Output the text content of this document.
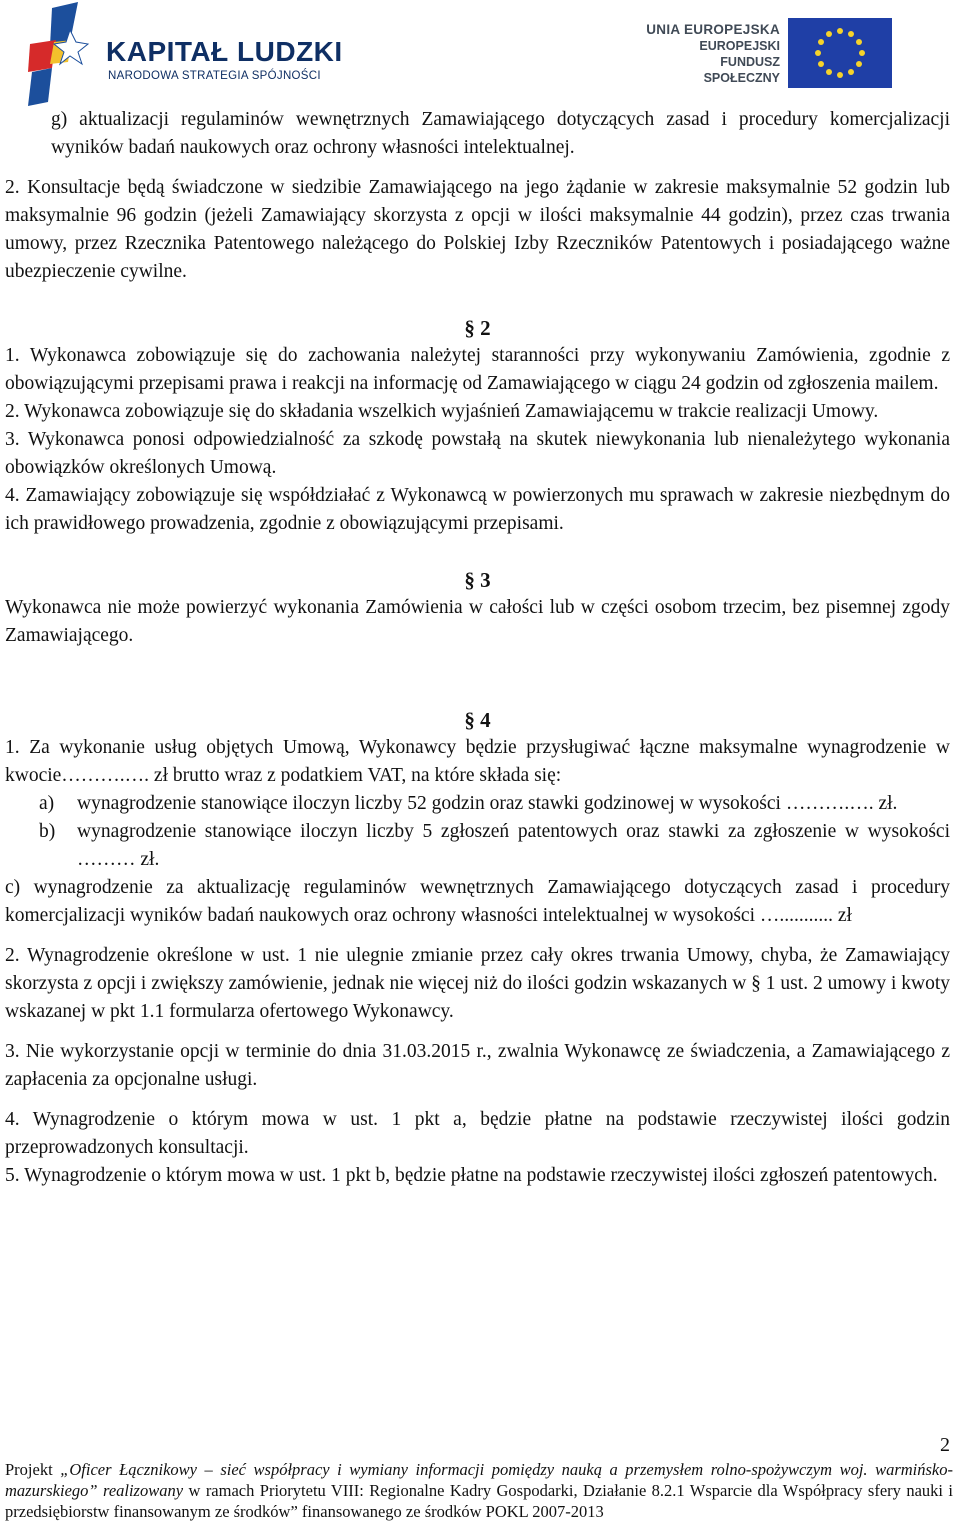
KAPITAŁ LUDZKI
NARODOWA STRATEGIA SPÓJNOŚCI
UNIA EUROPEJSKA
EUROPEJSKI
FUNDUSZ SPOŁECZNY

g) aktualizacji regulaminów wewnętrznych Zamawiającego dotyczących zasad i procedury komercjalizacji wyników badań naukowych oraz ochrony własności intelektualnej.

2. Konsultacje będą świadczone w siedzibie Zamawiającego na jego żądanie w zakresie maksymalnie 52 godzin lub maksymalnie 96 godzin (jeżeli Zamawiający skorzysta z opcji w ilości maksymalnie 44 godzin), przez czas trwania umowy, przez Rzecznika Patentowego należącego do Polskiej Izby Rzeczników Patentowych i posiadającego ważne ubezpieczenie cywilne.

§ 2

1. Wykonawca zobowiązuje się do zachowania należytej staranności przy wykonywaniu Zamówienia, zgodnie z obowiązującymi przepisami prawa i reakcji na informację od Zamawiającego w ciągu 24 godzin od zgłoszenia mailem.

2. Wykonawca zobowiązuje się do składania wszelkich wyjaśnień Zamawiającemu w trakcie realizacji Umowy.

3. Wykonawca ponosi odpowiedzialność za szkodę powstałą na skutek niewykonania lub nienależytego wykonania obowiązków określonych Umową.

4. Zamawiający zobowiązuje się współdziałać z Wykonawcą w powierzonych mu sprawach w zakresie niezbędnym do ich prawidłowego prowadzenia, zgodnie z obowiązującymi przepisami.

§ 3

Wykonawca nie może powierzyć wykonania Zamówienia w całości lub w części osobom trzecim, bez pisemnej zgody Zamawiającego.

§ 4

1. Za wykonanie usług objętych Umową, Wykonawcy będzie przysługiwać łączne maksymalne wynagrodzenie w kwocie……….…. zł brutto wraz z podatkiem VAT, na które składa się:

a) wynagrodzenie stanowiące iloczyn liczby 52 godzin oraz stawki godzinowej w wysokości ……….…. zł.
b) wynagrodzenie stanowiące iloczyn liczby 5 zgłoszeń patentowych oraz stawki za zgłoszenie w wysokości ……… zł.

c) wynagrodzenie za aktualizację regulaminów wewnętrznych Zamawiającego dotyczących zasad i procedury komercjalizacji wyników badań naukowych oraz ochrony własności intelektualnej w wysokości …........... zł

2. Wynagrodzenie określone w ust. 1 nie ulegnie zmianie przez cały okres trwania Umowy, chyba, że Zamawiający skorzysta z opcji i zwiększy zamówienie, jednak nie więcej niż do ilości godzin wskazanych w § 1 ust. 2 umowy i kwoty wskazanej w pkt 1.1 formularza ofertowego Wykonawcy.

3. Nie wykorzystanie opcji w terminie do dnia 31.03.2015 r., zwalnia Wykonawcę ze świadczenia, a Zamawiającego z zapłacenia za opcjonalne usługi.

4. Wynagrodzenie o którym mowa w ust. 1 pkt a, będzie płatne na podstawie rzeczywistej ilości godzin przeprowadzonych konsultacji.

5. Wynagrodzenie o którym mowa w ust. 1 pkt b, będzie płatne na podstawie rzeczywistej ilości zgłoszeń patentowych.

2

Projekt „Oficer Łącznikowy – sieć współpracy i wymiany informacji pomiędzy nauką a przemysłem rolno-spożywczym woj. warmińsko-mazurskiego” realizowany w ramach Priorytetu VIII: Regionalne Kadry Gospodarki, Działanie 8.2.1 Wsparcie dla Współpracy sfery nauki i przedsiębiorstw finansowanym ze środków” finansowanego ze środków POKL 2007-2013
